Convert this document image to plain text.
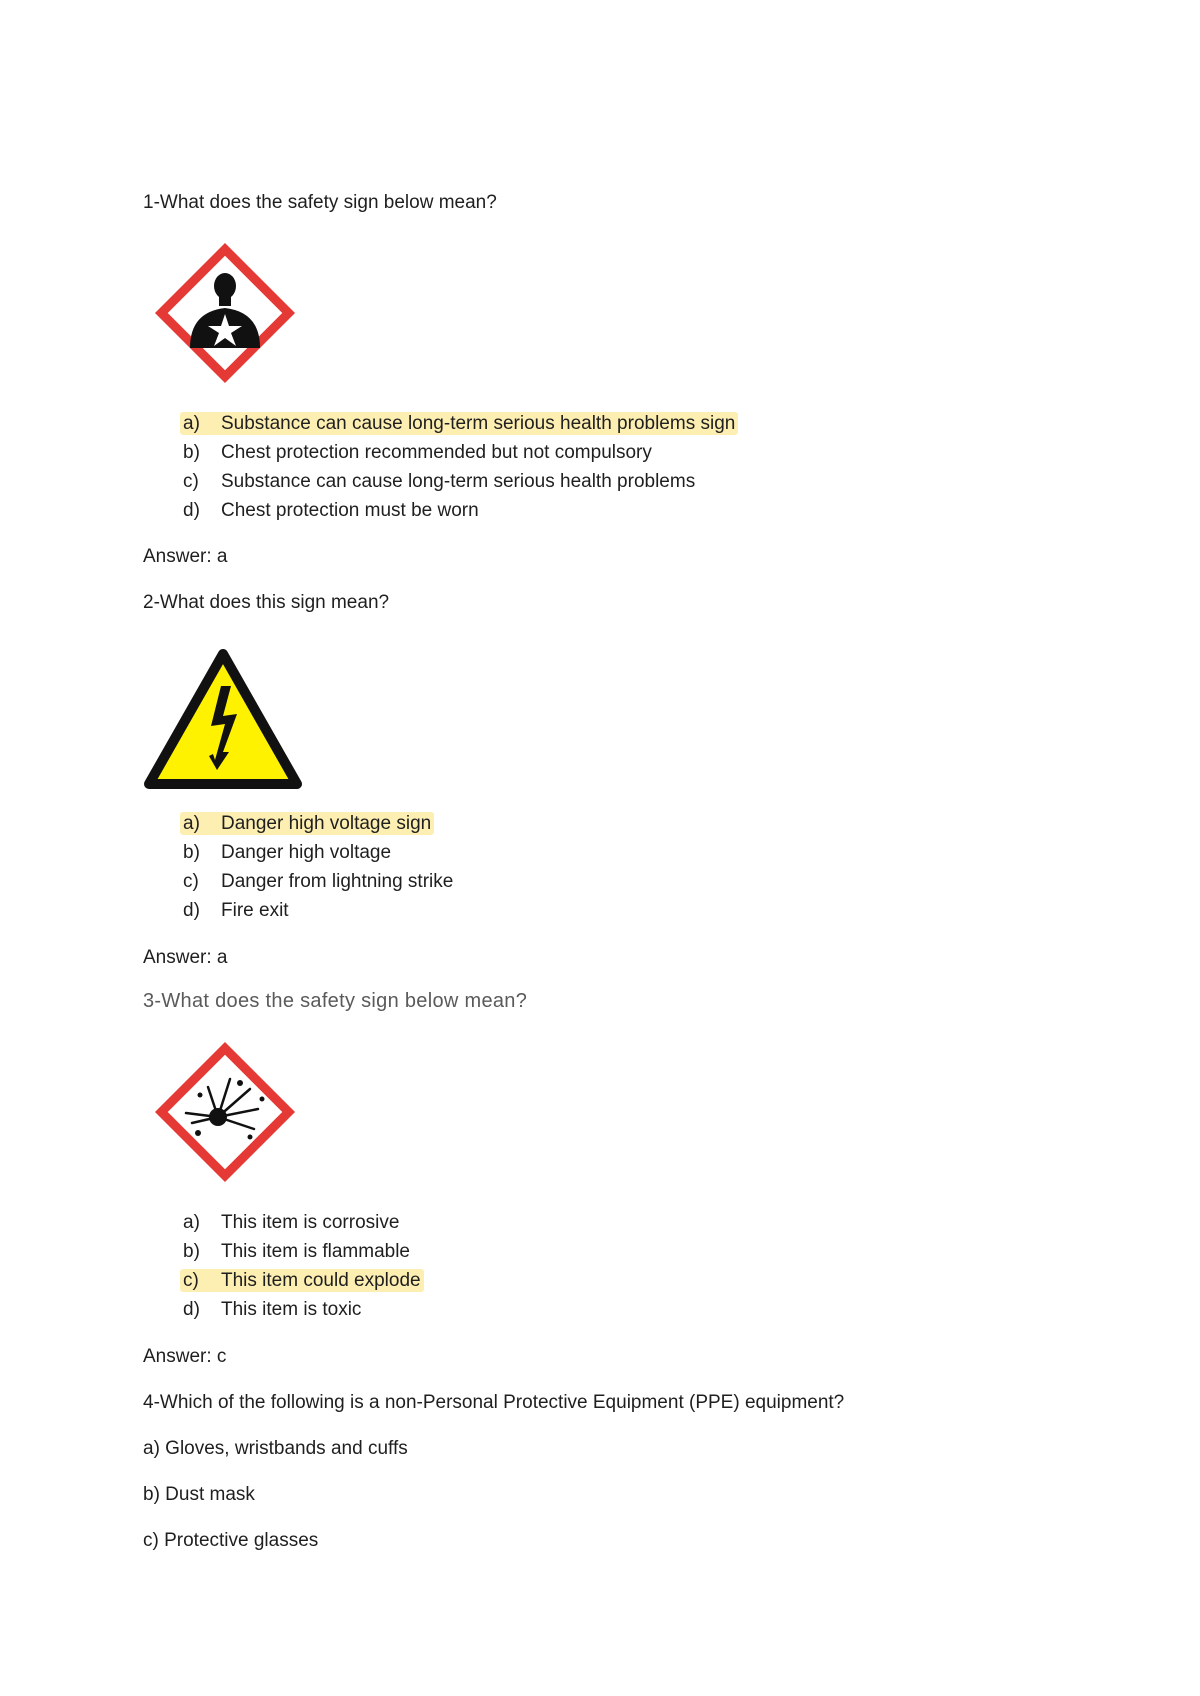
1-What does the safety sign below mean?
a) Substance can cause long-term serious health problems sign
b) Chest protection recommended but not compulsory
c) Substance can cause long-term serious health problems
d) Chest protection must be worn
Answer: a
2-What does this sign mean?
a) Danger high voltage sign
b) Danger high voltage
c) Danger from lightning strike
d) Fire exit
Answer: a
3-What does the safety sign below mean?
a) This item is corrosive
b) This item is flammable
c) This item could explode
d) This item is toxic
Answer: c
4-Which of the following is a non-Personal Protective Equipment (PPE) equipment?
a) Gloves, wristbands and cuffs
b) Dust mask
c) Protective glasses
